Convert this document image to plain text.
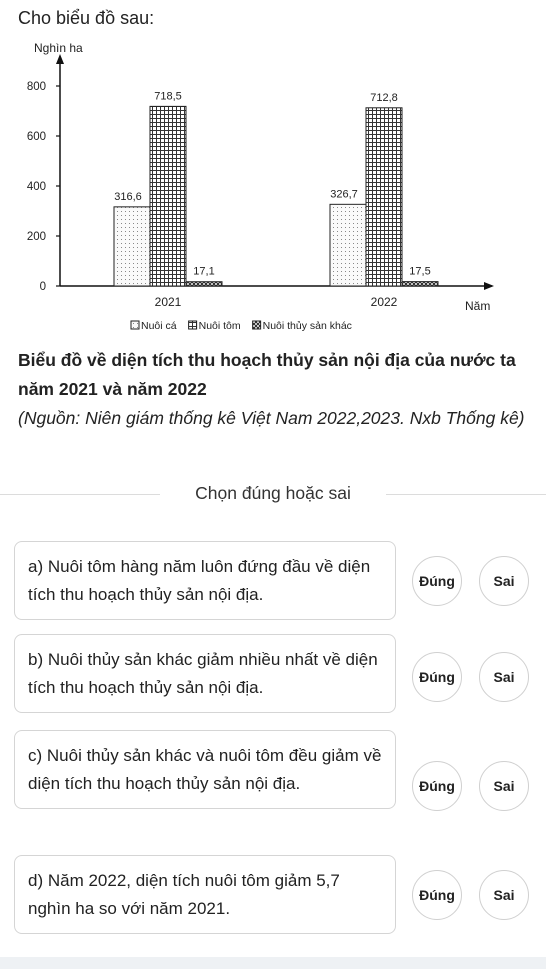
Cho biểu đồ sau:
Nghìn ha
Năm
0
200
400
600
800
316,6
718,5
17,1
2021
326,7
712,8
17,5
2022
Nuôi cá Nuôi tôm Nuôi thủy sản khác
Biểu đồ về diện tích thu hoạch thủy sản nội địa của nước ta năm 2021 và năm 2022
(Nguồn: Niên giám thống kê Việt Nam 2022,2023. Nxb Thống kê)
Chọn đúng hoặc sai
a) Nuôi tôm hàng năm luôn đứng đầu về diện tích thu hoạch thủy sản nội địa.
Đúng	Sai
b) Nuôi thủy sản khác giảm nhiều nhất về diện tích thu hoạch thủy sản nội địa.
Đúng	Sai
c) Nuôi thủy sản khác và nuôi tôm đều giảm về diện tích thu hoạch thủy sản nội địa.	Đúng	Sai
d) Năm 2022, diện tích nuôi tôm giảm 5,7 nghìn ha so với năm 2021.
Đúng	Sai
